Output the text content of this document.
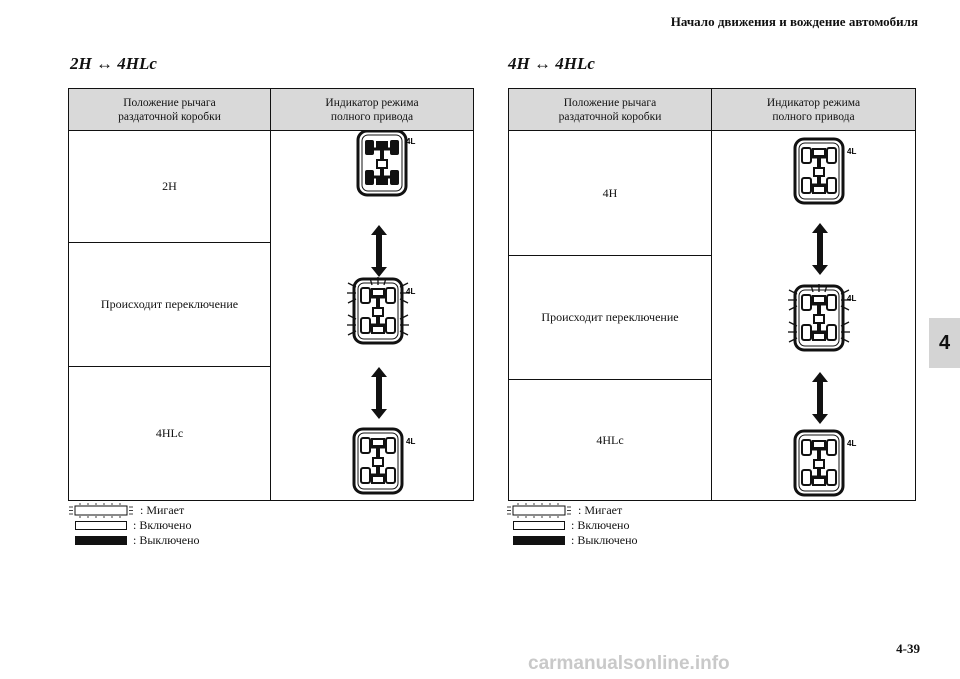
Начало движения и вождение автомобиля
2H ↔ 4HLc	4H ↔ 4HLc
Положение рычага
раздаточной коробки
Индикатор режима
полного привода
2H
Происходит переключение
4HLc
4L
4L
4L
Положение рычага
раздаточной коробки
Индикатор режима
полного привода
4H
Происходит переключение
4HLc
4L
4L
4L
: Мигает
: Включено
: Выключено
: Мигает
: Включено
: Выключено
4
4-39
carmanualsonline.info
